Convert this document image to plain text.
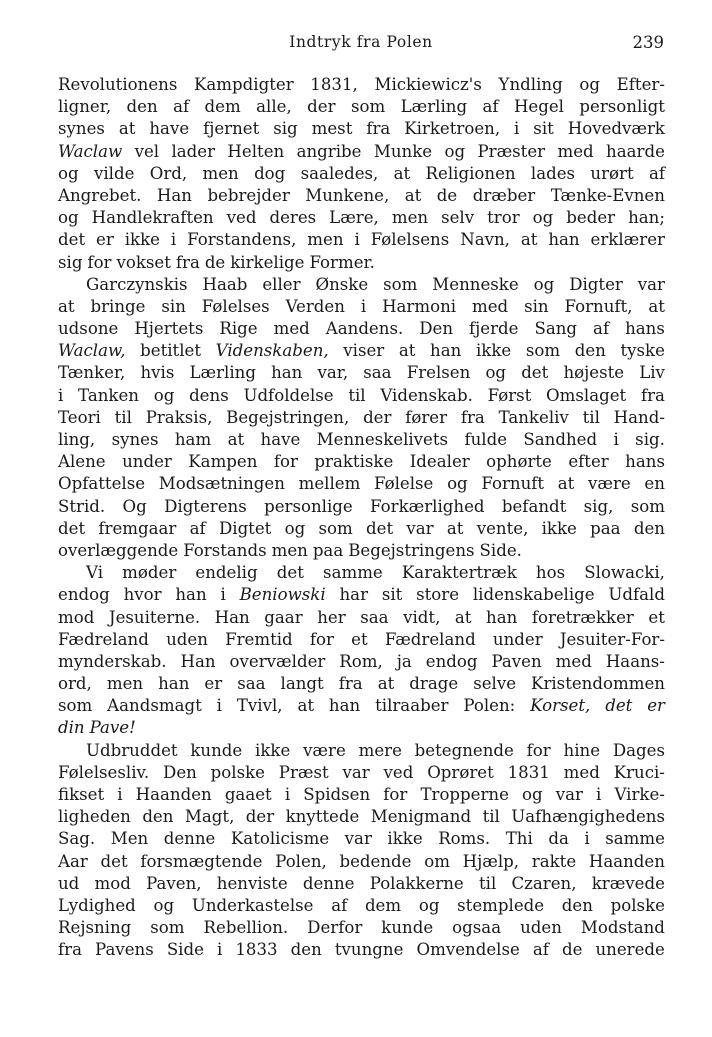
Indtryk fra Polen	239
Revolutionens Kampdigter 1831, Mickiewicz's Yndling og Efter-
ligner, den af dem alle, der som Lærling af Hegel personligt
synes at have fjernet sig mest fra Kirketroen, i sit Hovedværk
Waclaw vel lader Helten angribe Munke og Præster med haarde
og vilde Ord, men dog saaledes, at Religionen lades urørt af
Angrebet. Han bebrejder Munkene, at de dræber Tænke-Evnen
og Handlekraften ved deres Lære, men selv tror og beder han;
det er ikke i Forstandens, men i Følelsens Navn, at han erklærer
sig for vokset fra de kirkelige Former.
Garczynskis Haab eller Ønske som Menneske og Digter var
at bringe sin Følelses Verden i Harmoni med sin Fornuft, at
udsone Hjertets Rige med Aandens. Den fjerde Sang af hans
Waclaw, betitlet Videnskaben, viser at han ikke som den tyske
Tænker, hvis Lærling han var, saa Frelsen og det højeste Liv
i Tanken og dens Udfoldelse til Videnskab. Først Omslaget fra
Teori til Praksis, Begejstringen, der fører fra Tankeliv til Hand-
ling, synes ham at have Menneskelivets fulde Sandhed i sig.
Alene under Kampen for praktiske Idealer ophørte efter hans
Opfattelse Modsætningen mellem Følelse og Fornuft at være en
Strid. Og Digterens personlige Forkærlighed befandt sig, som
det fremgaar af Digtet og som det var at vente, ikke paa den
overlæggende Forstands men paa Begejstringens Side.
Vi møder endelig det samme Karaktertræk hos Slowacki,
endog hvor han i Beniowski har sit store lidenskabelige Udfald
mod Jesuiterne. Han gaar her saa vidt, at han foretrækker et
Fædreland uden Fremtid for et Fædreland under Jesuiter-For-
mynderskab. Han overvælder Rom, ja endog Paven med Haans-
ord, men han er saa langt fra at drage selve Kristendommen
som Aandsmagt i Tvivl, at han tilraaber Polen: Korset, det er
din Pave!
Udbruddet kunde ikke være mere betegnende for hine Dages
Følelsesliv. Den polske Præst var ved Oprøret 1831 med Kruci-
fikset i Haanden gaaet i Spidsen for Tropperne og var i Virke-
ligheden den Magt, der knyttede Menigmand til Uafhængighedens
Sag. Men denne Katolicisme var ikke Roms. Thi da i samme
Aar det forsmægtende Polen, bedende om Hjælp, rakte Haanden
ud mod Paven, henviste denne Polakkerne til Czaren, krævede
Lydighed og Underkastelse af dem og stemplede den polske
Rejsning som Rebellion. Derfor kunde ogsaa uden Modstand
fra Pavens Side i 1833 den tvungne Omvendelse af de unerede
